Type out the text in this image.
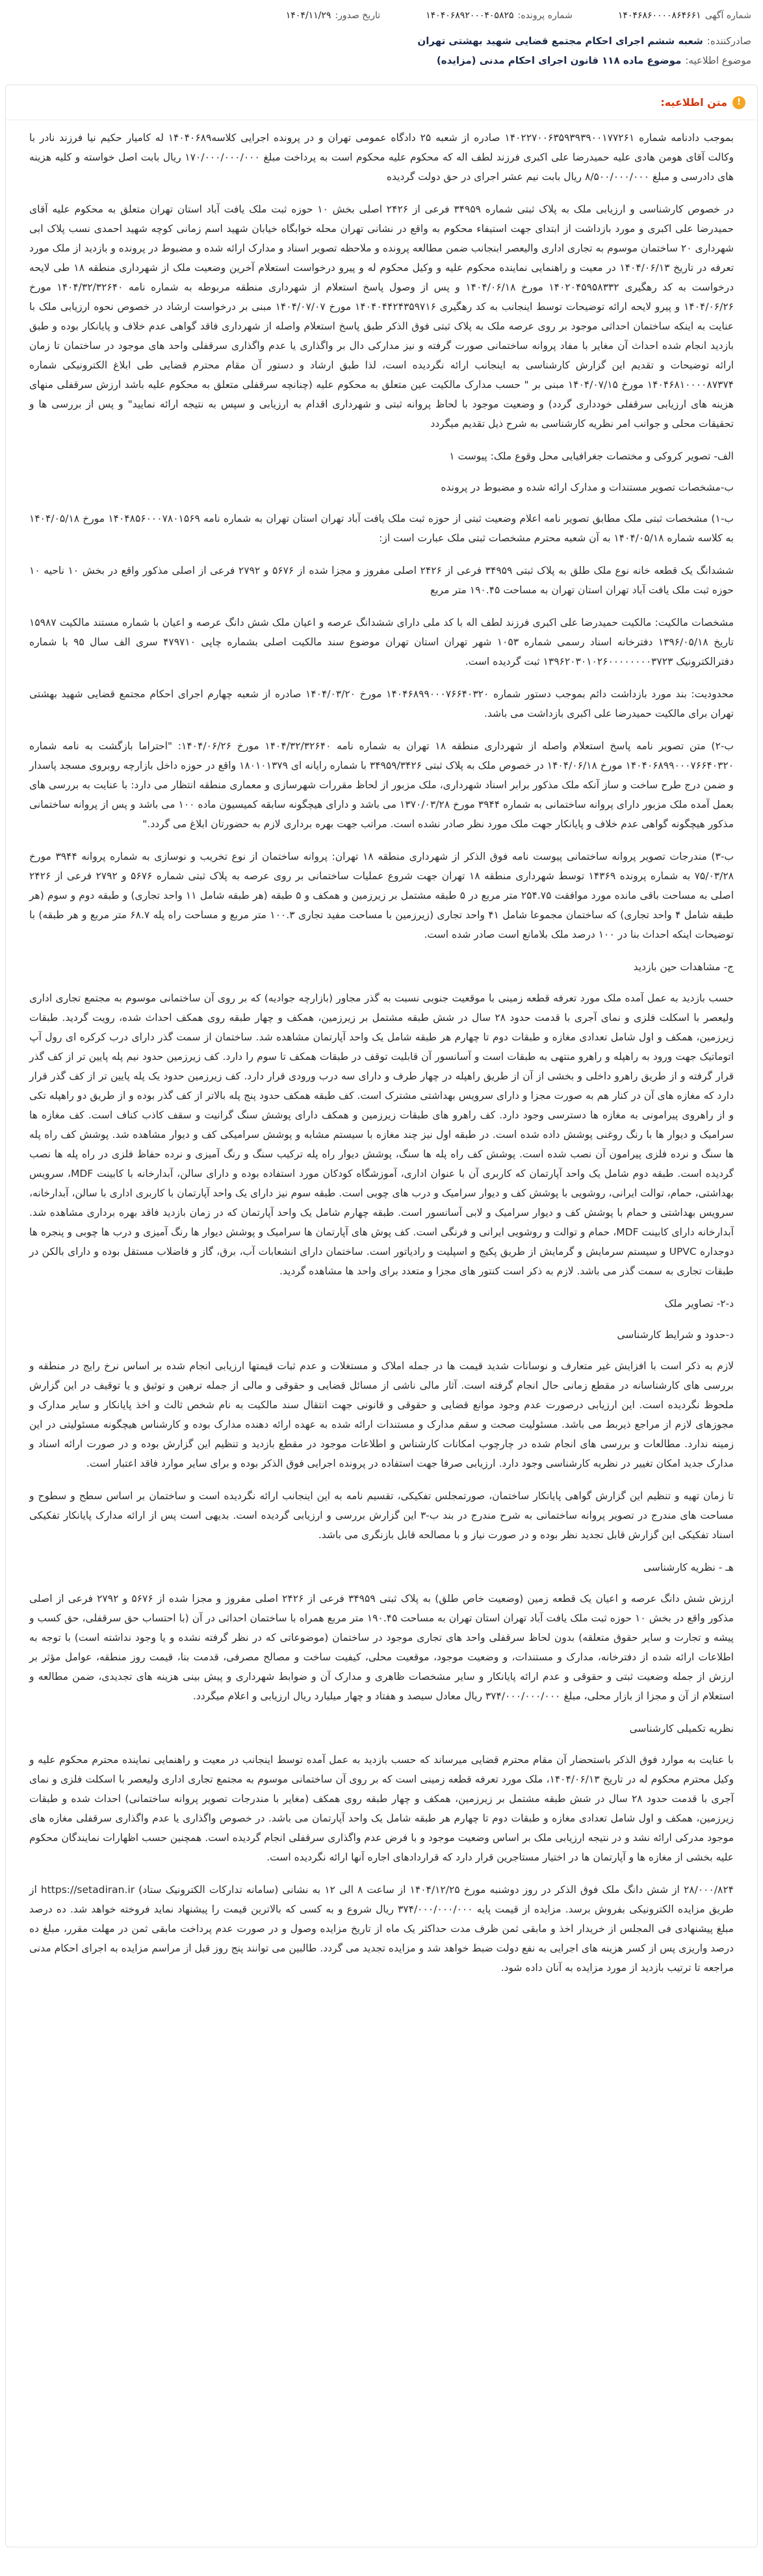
شماره آگهی
۱۴۰۴۶۸۶۰۰۰۰۸۶۴۶۶۱
شماره پرونده:
۱۴۰۴۰۶۸۹۲۰۰۰۴۰۵۸۲۵
تاریخ صدور:
۱۴۰۴/۱۱/۲۹
صادرکننده:
شعبه ششم اجرای احکام مجتمع قضایی شهید بهشتی تهران
موضوع اطلاعیه:
موضوع ماده ۱۱۸ قانون اجرای احکام مدنی (مزایده)
!
متن اطلاعیه:

بموجب دادنامه شماره ۱۴۰۲۲۷۰۰۶۳۵۹۳۹۳۹۰۰۱۷۷۲۶۱ صادره از شعبه ۲۵ دادگاه عمومی تهران و در پرونده اجرایی کلاسه۱۴۰۴۰۶۸۹ له کامیار حکیم نیا فرزند نادر با وکالت آقای هومن هادی علیه حمیدرضا علی اکبری فرزند لطف اله که محکوم علیه محکوم است به پرداخت مبلغ ۱۷۰/۰۰۰/۰۰۰/۰۰۰ ریال بابت اصل خواسته و کلیه هزینه های دادرسی و مبلغ ۸/۵۰۰/۰۰۰/۰۰۰ ریال بابت نیم عشر اجرای در حق دولت گردیده

در خصوص کارشناسی و ارزیابی ملک به پلاک ثبتی شماره ۳۴۹۵۹ فرعی از ۲۴۲۶ اصلی بخش ۱۰ حوزه ثبت ملک یافت آباد استان تهران متعلق به محکوم علیه آقای حمیدرضا علی اکبری و مورد بازداشت از ابتدای جهت استیفاء محکوم به واقع در نشانی تهران محله خوابگاه خیابان شهید اسم زمانی کوچه شهید احمدی نسب پلاک ابی شهرداری ۲۰ ساختمان موسوم به تجاری اداری والیعصر ابنجانب ضمن مطالعه پرونده و ملاحظه تصویر اسناد و مدارک ارائه شده و مضبوط در پرونده و بازدید از ملک مورد تعرفه در تاریخ ۱۴۰۴/۰۶/۱۳ در معیت و راهنمایی نماینده محکوم علیه و وکیل محکوم له و پیرو درخواست استعلام آخرین وضعیت ملک از شهرداری منطقه ۱۸ طی لایحه درخواست به کد رهگیری ۱۴۰۲۰۴۵۹۵۸۳۳۲ مورخ ۱۴۰۴/۰۶/۱۸ و پس از وصول پاسخ استعلام از شهرداری منطقه مربوطه به شماره نامه ۱۴۰۴/۳۲/۳۲۶۴۰ مورخ ۱۴۰۴/۰۶/۲۶ و پیرو لایحه ارائه توضیحات توسط اینجانب به کد رهگیری ۱۴۰۴۰۴۴۲۴۳۵۹۷۱۶ مورخ ۱۴۰۴/۰۷/۰۷ مبنی بر درخواست ارشاد در خصوص نحوه ارزیابی ملک با عنایت به اینکه ساختمان احداثی موجود بر روی عرصه ملک به پلاک ثبتی فوق الذکر طبق پاسخ استعلام واصله از شهرداری فاقد گواهی عدم خلاف و پایانکار بوده و طبق بازدید انجام شده احداث آن مغایر با مفاد پروانه ساختمانی صورت گرفته و نیز مدارکی دال بر واگذاری یا عدم واگذاری سرقفلی واحد های موجود در ساختمان تا زمان ارائه توضیحات و تقدیم این گزارش کارشناسی به اینجانب ارائه نگردیده است، لذا طبق ارشاد و دستور آن مقام محترم قضایی طی ابلاغ الکترونیکی شماره ۱۴۰۴۶۸۱۰۰۰۰۸۷۳۷۴ مورخ ۱۴۰۴/۰۷/۱۵ مبنی بر " حسب مدارک مالکیت عین متعلق به محکوم علیه (چنانچه سرقفلی متعلق به محکوم علیه باشد ارزش سرقفلی منهای هزینه های ارزیابی سرقفلی خودداری گردد) و وضعیت موجود با لحاظ پروانه ثبتی و شهرداری اقدام به ارزیابی و سپس به نتیجه ارائه نمایید" و پس از بررسی ها و تحقیقات محلی و جوانب امر نظریه کارشناسی به شرح ذیل تقدیم میگردد

الف- تصویر کروکی و مختصات جغرافیایی محل وقوع ملک: پیوست ۱
ب-مشخصات تصویر مستندات و مدارک ارائه شده و مضبوط در پرونده

ب-۱) مشخصات ثبتی ملک مطابق تصویر نامه اعلام وضعیت ثبتی از حوزه ثبت ملک یافت آباد تهران استان تهران به شماره نامه ۱۴۰۴۸۵۶۰۰۰۷۸۰۱۵۶۹ مورخ ۱۴۰۴/۰۵/۱۸ به کلاسه شماره ۱۴۰۴/۰۵/۱۸ به آن شعبه محترم مشخصات ثبتی ملک عبارت است از:

ششدانگ یک قطعه خانه نوع ملک طلق به پلاک ثبتی ۳۴۹۵۹ فرعی از ۲۴۲۶ اصلی مفروز و مجزا شده از ۵۶۷۶ و ۲۷۹۲ فرعی از اصلی مذکور واقع در بخش ۱۰ ناحیه ۱۰ حوزه ثبت ملک یافت آباد تهران استان تهران به مساحت ۱۹۰.۴۵ متر مربع

مشخصات مالکیت: مالکیت حمیدرضا علی اکبری فرزند لطف اله با کد ملی دارای ششدانگ عرصه و اعیان ملک شش دانگ عرصه و اعیان با شماره مستند مالکیت ۱۵۹۸۷ تاریخ ۱۳۹۶/۰۵/۱۸ دفترخانه اسناد رسمی شماره ۱۰۵۳ شهر تهران استان تهران موضوع سند مالکیت اصلی بشماره چاپی ۴۷۹۷۱۰ سری الف سال ۹۵ با شماره دفترالکترونیک ۱۳۹۶۲۰۳۰۱۰۲۶۰۰۰۰۰۰۰۰۳۷۲۳ ثبت گردیده است.

محدودیت: بند مورد بازداشت دائم بموجب دستور شماره ۱۴۰۴۶۸۹۹۰۰۰۷۶۶۴۰۳۲۰ مورخ ۱۴۰۴/۰۳/۲۰ صادره از شعبه چهارم اجرای احکام مجتمع قضایی شهید بهشتی تهران برای مالکیت حمیدرضا علی اکبری بازداشت می باشد.

ب-۲) متن تصویر نامه پاسخ استعلام واصله از شهرداری منطقه ۱۸ تهران به شماره نامه ۱۴۰۴/۳۲/۳۲۶۴۰ مورخ ۱۴۰۴/۰۶/۲۶: "احتراما بازگشت به نامه شماره ۱۴۰۴۰۶۸۹۹۰۰۰۷۶۶۴۰۳۲۰ مورخ ۱۴۰۴/۰۶/۱۸ در خصوص ملک به پلاک ثبتی ۳۴۹۵۹/۳۴۲۶ با شماره رایانه ای ۱۸۰۱۰۱۳۷۹ واقع در حوزه داخل بازارچه روبروی مسجد پاسدار و ضمن درج طرح ساخت و ساز آنکه ملک مذکور برابر اسناد شهرداری، ملک مزبور از لحاظ مقررات شهرسازی و معماری منطقه انتظار می دارد: با عنایت به بررسی های بعمل آمده ملک مزبور دارای پروانه ساختمانی به شماره ۳۹۴۴ مورخ ۱۳۷۰/۰۳/۲۸ می باشد و دارای هیچگونه سابقه کمیسیون ماده ۱۰۰ می باشد و پس از پروانه ساختمانی مذکور هیچگونه گواهی عدم خلاف و پایانکار جهت ملک مورد نظر صادر نشده است. مراتب جهت بهره برداری لازم به حضورتان ابلاغ می گردد."

ب-۳) مندرجات تصویر پروانه ساختمانی پیوست نامه فوق الذکر از شهرداری منطقه ۱۸ تهران: پروانه ساختمان از نوع تخریب و نوسازی به شماره پروانه ۳۹۴۴ مورخ ۷۵/۰۳/۲۸ به شماره پرونده ۱۴۳۶۹ توسط شهرداری منطقه ۱۸ تهران جهت شروع عملیات ساختمانی بر روی عرصه به پلاک ثبتی شماره ۵۶۷۶ و ۲۷۹۲ فرعی از ۲۴۲۶ اصلی به مساحت باقی مانده مورد موافقت ۲۵۴.۷۵ متر مربع در ۵ طبقه مشتمل بر زیرزمین و همکف و ۵ طبقه (هر طبقه شامل ۱۱ واحد تجاری) و طبقه دوم و سوم (هر طبقه شامل ۴ واحد تجاری) که ساختمان مجموعا شامل ۴۱ واحد تجاری (زیرزمین با مساحت مفید تجاری ۱۰۰.۳ متر مربع و مساحت راه پله ۶۸.۷ متر مربع و هر طبقه) با توضیحات اینکه احداث بنا در ۱۰۰ درصد ملک بلامانع است صادر شده است.

ج- مشاهدات حین بازدید

حسب بازدید به عمل آمده ملک مورد تعرفه قطعه زمینی با موقعیت جنوبی نسبت به گذر مجاور (بازارچه جوادیه) که بر روی آن ساختمانی موسوم به مجتمع تجاری اداری ولیعصر با اسکلت فلزی و نمای آجری با قدمت حدود ۲۸ سال در شش طبقه مشتمل بر زیرزمین، همکف و چهار طبقه روی همکف احداث شده، رویت گردید. طبقات زیرزمین، همکف و اول شامل تعدادی مغازه و طبقات دوم تا چهارم هر طبقه شامل یک واحد آپارتمان مشاهده شد. ساختمان از سمت گذر دارای درب کرکره ای رول آپ اتوماتیک جهت ورود به راهپله و راهرو منتهی به طبقات است و آسانسور آن قابلیت توقف در طبقات همکف تا سوم را دارد. کف زیرزمین حدود نیم پله پایین تر از کف گذر قرار گرفته و از طریق راهرو داخلی و بخشی از آن از طریق راهپله در چهار طرف و دارای سه درب ورودی قرار دارد. کف زیرزمین حدود یک پله پایین تر از کف گذر قرار دارد که مغازه های آن در کنار هم به صورت مجزا و دارای سرویس بهداشتی مشترک است. کف طبقه همکف حدود پنج پله بالاتر از کف گذر بوده و از طریق دو راهپله تکی و از راهروی پیرامونی به مغازه ها دسترسی وجود دارد. کف راهرو های طبقات زیرزمین و همکف دارای پوشش سنگ گرانیت و سقف کاذب کناف است. کف مغازه ها سرامیک و دیوار ها با رنگ روغنی پوشش داده شده است. در طبقه اول نیز چند مغازه با سیستم مشابه و پوشش سرامیکی کف و دیوار مشاهده شد. پوشش کف راه پله ها سنگ و نرده فلزی پیرامون آن نصب شده است. پوشش کف راه پله ها سنگ، پوشش دیوار راه پله ترکیب سنگ و رنگ آمیزی و نرده حفاظ فلزی در راه پله ها نصب گردیده است. طبقه دوم شامل یک واحد آپارتمان که کاربری آن با عنوان اداری، آموزشگاه کودکان مورد استفاده بوده و دارای سالن، آبدارخانه با کابینت MDF، سرویس بهداشتی، حمام، توالت ایرانی، روشویی با پوشش کف و دیوار سرامیک و درب های چوبی است. طبقه سوم نیز دارای یک واحد آپارتمان با کاربری اداری با سالن، آبدارخانه، سرویس بهداشتی و حمام با پوشش کف و دیوار سرامیک و لابی آسانسور است. طبقه چهارم شامل یک واحد آپارتمان که در زمان بازدید فاقد بهره برداری مشاهده شد. آبدارخانه دارای کابینت MDF، حمام و توالت و روشویی ایرانی و فرنگی است. کف پوش های آپارتمان ها سرامیک و پوشش دیوار ها رنگ آمیزی و درب ها چوبی و پنجره ها دوجداره UPVC و سیستم سرمایش و گرمایش از طریق پکیج و اسپلیت و رادیاتور است. ساختمان دارای انشعابات آب، برق، گاز و فاضلاب مستقل بوده و دارای بالکن در طبقات تجاری به سمت گذر می باشد. لازم به ذکر است کنتور های مجزا و متعدد برای واحد ها مشاهده گردید.

د-۲- تصاویر ملک
د-حدود و شرایط کارشناسی

لازم به ذکر است با افزایش غیر متعارف و نوسانات شدید قیمت ها در جمله املاک و مستغلات و عدم ثبات قیمتها ارزیابی انجام شده بر اساس نرخ رایج در منطقه و بررسی های کارشناسانه در مقطع زمانی حال انجام گرفته است. آثار مالی ناشی از مسائل قضایی و حقوقی و مالی از جمله ترهین و توثیق و یا توقیف در این گزارش ملحوظ نگردیده است. این ارزیابی درصورت عدم وجود موانع قضایی و حقوقی و قانونی جهت انتقال سند مالکیت به نام شخص ثالث و اخذ پایانکار و سایر مدارک و مجوزهای لازم از مراجع ذیربط می باشد. مسئولیت صحت و سقم مدارک و مستندات ارائه شده به عهده ارائه دهنده مدارک بوده و کارشناس هیچگونه مسئولیتی در این زمینه ندارد. مطالعات و بررسی های انجام شده در چارچوب امکانات کارشناس و اطلاعات موجود در مقطع بازدید و تنظیم این گزارش بوده و در صورت ارائه اسناد و مدارک جدید امکان تغییر در نظریه کارشناسی وجود دارد. ارزیابی صرفا جهت استفاده در پرونده اجرایی فوق الذکر بوده و برای سایر موارد فاقد اعتبار است.

تا زمان تهیه و تنظیم این گزارش گواهی پایانکار ساختمان، صورتمجلس تفکیکی، تقسیم نامه به این اینجانب ارائه نگردیده است و ساختمان بر اساس سطح و سطوح و مساحت های مندرج در تصویر پروانه ساختمانی به شرح مندرج در بند ب-۳ این گزارش بررسی و ارزیابی گردیده است. بدیهی است پس از ارائه مدارک پایانکار تفکیکی اسناد تفکیکی این گزارش قابل تجدید نظر بوده و در صورت نیاز و با مصالحه قابل بازنگری می باشد.

هـ - نظریه کارشناسی

ارزش شش دانگ عرصه و اعیان یک قطعه زمین (وضعیت خاص طلق) به پلاک ثبتی ۳۴۹۵۹ فرعی از ۲۴۲۶ اصلی مفروز و مجزا شده از ۵۶۷۶ و ۲۷۹۲ فرعی از اصلی مذکور واقع در بخش ۱۰ حوزه ثبت ملک یافت آباد تهران استان تهران به مساحت ۱۹۰.۴۵ متر مربع همراه با ساختمان احداثی در آن (با احتساب حق سرقفلی، حق کسب و پیشه و تجارت و سایر حقوق متعلقه) بدون لحاظ سرقفلی واحد های تجاری موجود در ساختمان (موضوعاتی که در نظر گرفته نشده و یا وجود نداشته است) با توجه به اطلاعات ارائه شده از دفترخانه، مدارک و مستندات، و وضعیت موجود، موقعیت محلی، کیفیت ساخت و مصالح مصرفی، قدمت بنا، قیمت روز منطقه، عوامل مؤثر بر ارزش از جمله وضعیت ثبتی و حقوقی و عدم ارائه پایانکار و سایر مشخصات ظاهری و مدارک آن و ضوابط شهرداری و پیش بینی هزینه های تجدیدی، ضمن مطالعه و استعلام از آن و مجزا از بازار محلی، مبلغ ۳۷۴/۰۰۰/۰۰۰/۰۰۰ ریال معادل سیصد و هفتاد و چهار میلیارد ریال ارزیابی و اعلام میگردد.

نظریه تکمیلی کارشناسی

با عنایت به موارد فوق الذکر باستحضار آن مقام محترم قضایی میرساند که حسب بازدید به عمل آمده توسط اینجانب در معیت و راهنمایی نماینده محترم محکوم علیه و وکیل محترم محکوم له در تاریخ ۱۴۰۴/۰۶/۱۳، ملک مورد تعرفه قطعه زمینی است که بر روی آن ساختمانی موسوم به مجتمع تجاری اداری ولیعصر با اسکلت فلزی و نمای آجری با قدمت حدود ۲۸ سال در شش طبقه مشتمل بر زیرزمین، همکف و چهار طبقه روی همکف (مغایر با مندرجات تصویر پروانه ساختمانی) احداث شده و طبقات زیرزمین، همکف و اول شامل تعدادی مغازه و طبقات دوم تا چهارم هر طبقه شامل یک واحد آپارتمان می باشد. در خصوص واگذاری یا عدم واگذاری سرقفلی مغازه های موجود مدرکی ارائه نشد و در نتیجه ارزیابی ملک بر اساس وضعیت موجود و با فرض عدم واگذاری سرقفلی انجام گردیده است. همچنین حسب اظهارات نمایندگان محکوم علیه بخشی از مغازه ها و آپارتمان ها در اختیار مستاجرین قرار دارد که قراردادهای اجاره آنها ارائه نگردیده است.

۲۸/۰۰۰/۸۲۴ از شش دانگ ملک فوق الذکر در روز دوشنبه مورخ ۱۴۰۴/۱۲/۲۵ از ساعت ۸ الی ۱۲ به نشانی (سامانه تدارکات الکترونیک ستاد) https://setadiran.ir از طریق مزایده الکترونیکی بفروش برسد. مزایده از قیمت پایه ۳۷۴/۰۰۰/۰۰۰/۰۰۰ ریال شروع و به کسی که بالاترین قیمت را پیشنهاد نماید فروخته خواهد شد. ده درصد مبلغ پیشنهادی فی المجلس از خریدار اخذ و مابقی ثمن ظرف مدت حداکثر یک ماه از تاریخ مزایده وصول و در صورت عدم پرداخت مابقی ثمن در مهلت مقرر، مبلغ ده درصد واریزی پس از کسر هزینه های اجرایی به نفع دولت ضبط خواهد شد و مزایده تجدید می گردد. طالبین می توانند پنج روز قبل از مراسم مزایده به اجرای احکام مدنی مراجعه تا ترتیب بازدید از مورد مزایده به آنان داده شود.
